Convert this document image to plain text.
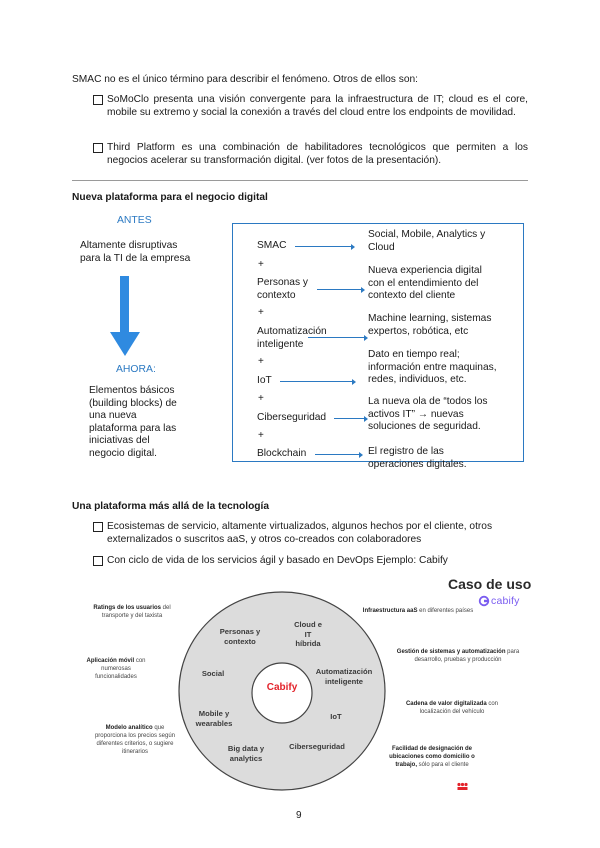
SMAC no es el único término para describir el fenómeno. Otros de ellos son:
SoMoClo presenta una visión convergente para la infraestructura de IT; cloud es el core, mobile su extremo y social la conexión a través del cloud entre los endpoints de movilidad.
Third Platform es una combinación de habilitadores tecnológicos que permiten a los negocios acelerar su transformación digital. (ver fotos de la presentación).
Nueva plataforma para el negocio digital
ANTES
Altamente disruptivas
para la TI de la empresa
AHORA:
Elementos básicos
(building blocks) de
una nueva
plataforma para las
iniciativas del
negocio digital.
SMAC
+
Personas y
contexto
+
Automatización
inteligente
+
IoT
+
Ciberseguridad
+
Blockchain
Social, Mobile, Analytics y
Cloud
Nueva experiencia digital
con el entendimiento del
contexto del cliente
Machine learning, sistemas
expertos, robótica, etc
Dato en tiempo real;
información entre maquinas,
redes, individuos, etc.
La nueva ola de “todos los
activos IT” → nuevas
soluciones de seguridad.
El registro de las
operaciones digitales.
Una plataforma más allá de la tecnología
Ecosistemas de servicio, altamente virtualizados, algunos hechos por el cliente, otros externalizados o suscritos aaS, y otros co-creados con colaboradores
Con ciclo de vida de los servicios ágil y basado en DevOps Ejemplo: Cabify
Caso de uso
cabify
Cabify
Personas y
contexto
Cloud e
IT
híbrida
Social	Automatización
inteligente
Mobile y
wearables
IoT
Big data y
analytics
Ciberseguridad
Ratings de los usuarios del transporte y del taxista
Aplicación móvil con numerosas funcionalidades
Modelo analítico que proporciona los precios según diferentes criterios, o sugiere itinerarios
Infraestructura aaS en diferentes países
Gestión de sistemas y automatización para desarrollo, pruebas y producción
Cadena de valor digitalizada con localización del vehículo
Facilidad de designación de ubicaciones como domicilio o trabajo, sólo para el cliente
9
